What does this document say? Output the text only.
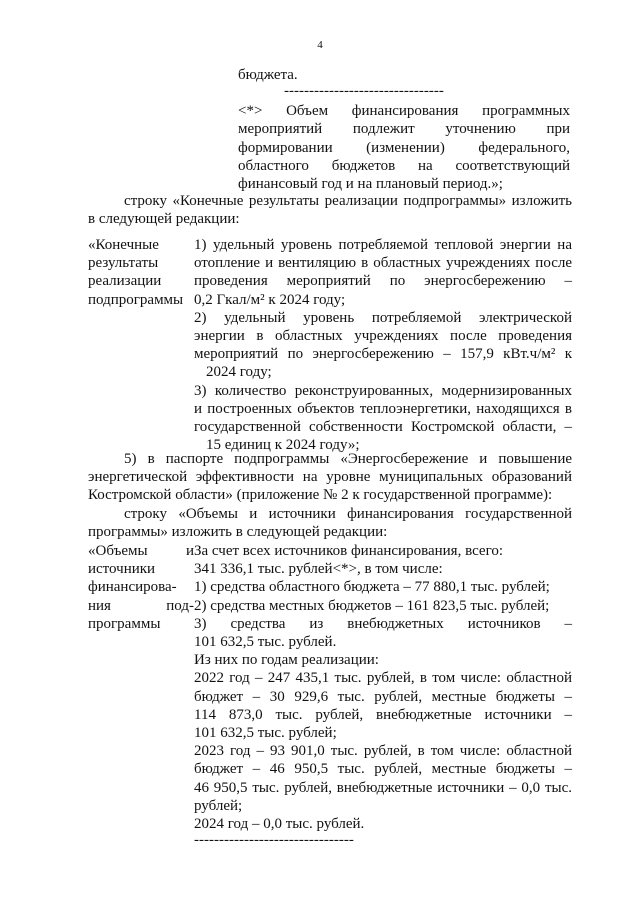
4
бюджета.
--------------------------------
<*> Объем финансирования программных
мероприятий подлежит уточнению при
формировании (изменении) федерального,
областного бюджетов на соответствующий
финансовый год и на плановый период.»;
строку «Конечные результаты реализации подпрограммы» изложить
в следующей редакции:
«Конечные
результаты
реализации
подпрограммы
1) удельный уровень потребляемой тепловой энергии на
отопление и вентиляцию в областных учреждениях после
проведения мероприятий по энергосбережению –
0,2 Гкал/м² к 2024 году;
2) удельный уровень потребляемой электрической
энергии в областных учреждениях после проведения
мероприятий по энергосбережению – 157,9 кВт.ч/м² к
2024 году;
3) количество реконструированных, модернизированных
и построенных объектов теплоэнергетики, находящихся в
государственной собственности Костромской области, –
15 единиц к 2024 году»;
5) в паспорте подпрограммы «Энергосбережение и повышение
энергетической эффективности на уровне муниципальных образований
Костромской области» (приложение № 2 к государственной программе):
строку «Объемы и источники финансирования государственной
программы» изложить в следующей редакции:
«Объемы и
источники
финансирова-
ния под-
программы
За счет всех источников финансирования, всего:
341 336,1 тыс. рублей<*>, в том числе:
1) средства областного бюджета – 77 880,1 тыс. рублей;
2) средства местных бюджетов – 161 823,5 тыс. рублей;
3) средства из внебюджетных источников –
101 632,5 тыс. рублей.
Из них по годам реализации:
2022 год – 247 435,1 тыс. рублей, в том числе: областной
бюджет – 30 929,6 тыс. рублей, местные бюджеты –
114 873,0 тыс. рублей, внебюджетные источники –
101 632,5 тыс. рублей;
2023 год – 93 901,0 тыс. рублей, в том числе: областной
бюджет – 46 950,5 тыс. рублей, местные бюджеты –
46 950,5 тыс. рублей, внебюджетные источники – 0,0 тыс.
рублей;
2024 год – 0,0 тыс. рублей.
--------------------------------
